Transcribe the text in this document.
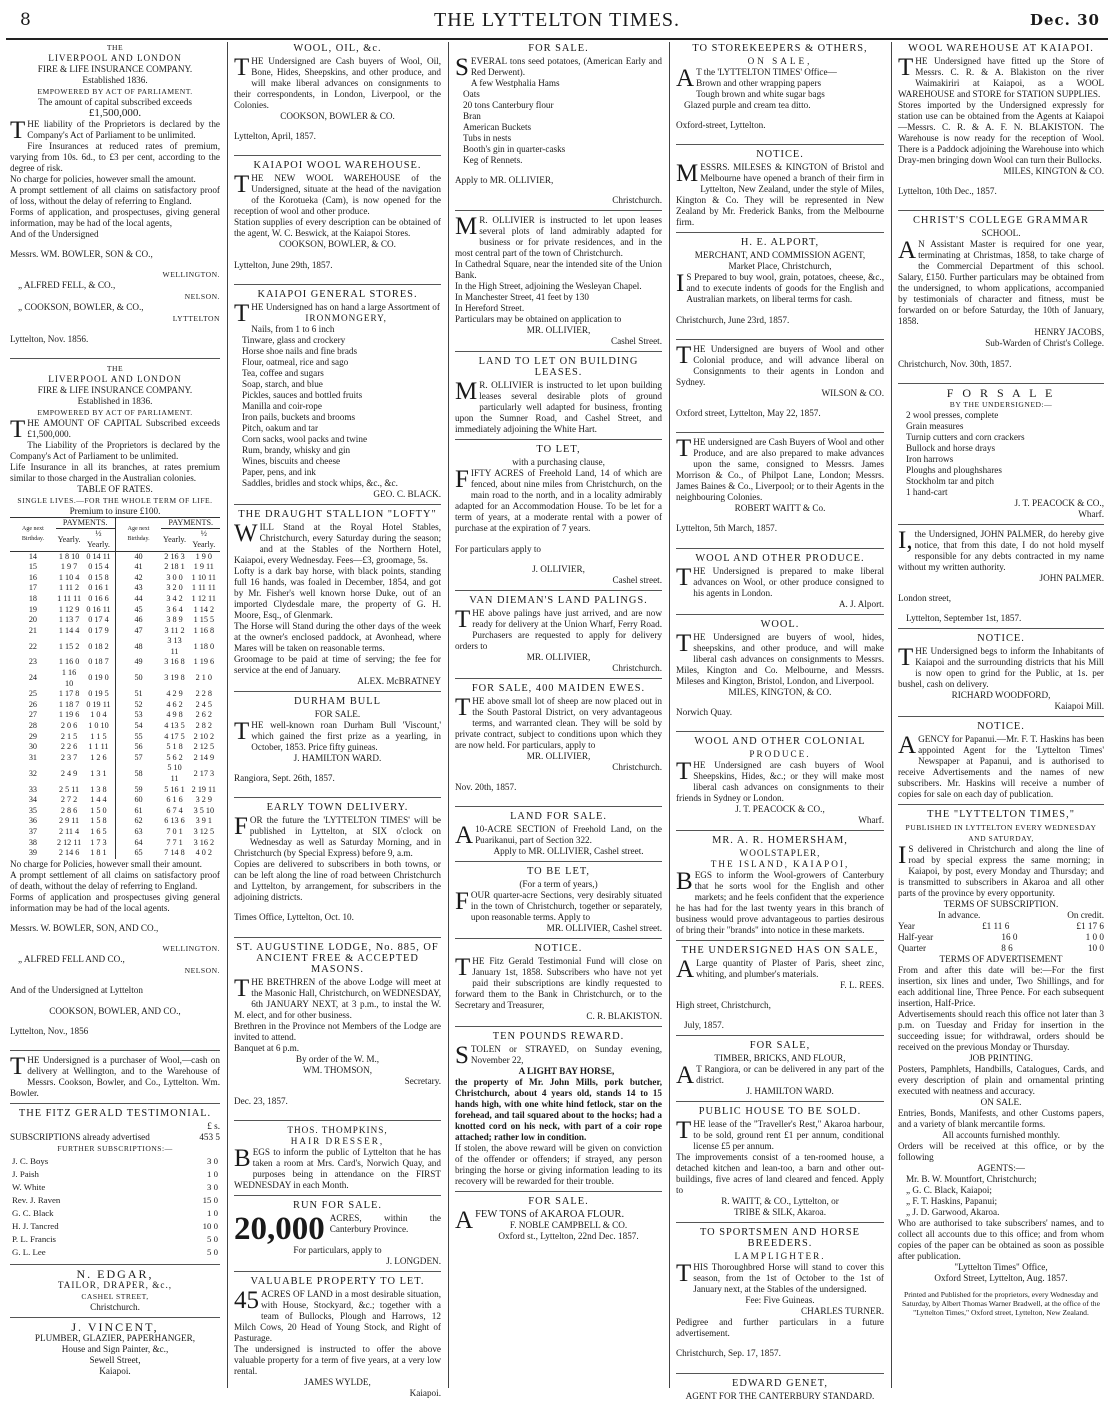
8	THE LYTTELTON TIMES.	Dec. 30

THE

LIVERPOOL AND LONDON

FIRE & LIFE INSURANCE COMPANY.

Established 1836.

EMPOWERED BY ACT OF PARLIAMENT.

The amount of capital subscribed exceeds

£1,500,000.

THE liability of the Proprietors is declared by the Company's Act of Parliament to be unlimited.

Fire Insurances at reduced rates of premium, varying from 10s. 6d., to £3 per cent, according to the degree of risk.

No charge for policies, however small the amount.

A prompt settlement of all claims on satisfactory proof of loss, without the delay of referring to England.

Forms of application, and prospectuses, giving general information, may be had of the local agents,

And of the Undersigned

Messrs. WM. BOWLER, SON & CO.,

WELLINGTON.

„ ALFRED FELL, & CO.,

NELSON.

„ COOKSON, BOWLER, & CO.,

LYTTELTON

Lyttelton, Nov. 1856.

THE

LIVERPOOL AND LONDON

FIRE & LIFE INSURANCE COMPANY.

Established in 1836.

EMPOWERED BY ACT OF PARLIAMENT.

THE AMOUNT OF CAPITAL Subscribed exceeds £1,500,000.

The Liability of the Proprietors is declared by the Company's Act of Parliament to be unlimited.

Life Insurance in all its branches, at rates premium similar to those charged in the Australian colonies.

TABLE OF RATES.

SINGLE LIVES.—FOR THE WHOLE TERM OF LIFE.

Premium to insure £100.

Age next Birthday.	PAYMENTS.		Age next Birthday.	PAYMENTS.	
	Yearly.	½ Yearly.		Yearly.	½ Yearly.
14	1 8 10	0 14 11	40	2 16 3	1 9 0
15	1 9 7	0 15 4	41	2 18 1	1 9 11
16	1 10 4	0 15 8	42	3 0 0	1 10 11
17	1 11 2	0 16 1	43	3 2 0	1 11 11
18	1 11 11	0 16 6	44	3 4 2	1 12 11
19	1 12 9	0 16 11	45	3 6 4	1 14 2
20	1 13 7	0 17 4	46	3 8 9	1 15 5
21	1 14 4	0 17 9	47	3 11 2	1 16 8
22	1 15 2	0 18 2	48	3 13 11	1 18 0
23	1 16 0	0 18 7	49	3 16 8	1 19 6
24	1 16 10	0 19 0	50	3 19 8	2 1 0
25	1 17 8	0 19 5	51	4 2 9	2 2 8
26	1 18 7	0 19 11	52	4 6 2	2 4 5
27	1 19 6	1 0 4	53	4 9 8	2 6 2
28	2 0 6	1 0 10	54	4 13 5	2 8 2
29	2 1 5	1 1 5	55	4 17 5	2 10 2
30	2 2 6	1 1 11	56	5 1 8	2 12 5
31	2 3 7	1 2 6	57	5 6 2	2 14 9
32	2 4 9	1 3 1	58	5 10 11	2 17 3
33	2 5 11	1 3 8	59	5 16 1	2 19 11
34	2 7 2	1 4 4	60	6 1 6	3 2 9
35	2 8 6	1 5 0	61	6 7 4	3 5 10
36	2 9 11	1 5 8	62	6 13 6	3 9 1
37	2 11 4	1 6 5	63	7 0 1	3 12 5
38	2 12 11	1 7 3	64	7 7 1	3 16 2
39	2 14 6	1 8 1	65	7 14 8	4 0 2

No charge for Policies, however small their amount.

A prompt settlement of all claims on satisfactory proof of death, without the delay of referring to England.

Forms of application and prospectuses giving general information may be had of the local agents.

Messrs. W. BOWLER, SON, AND CO.,

WELLINGTON.

„ ALFRED FELL AND CO.,

NELSON.

And of the Undersigned at Lyttelton

COOKSON, BOWLER, AND CO.,

Lyttelton, Nov., 1856

THE Undersigned is a purchaser of Wool,—cash on delivery at Wellington, and to the Warehouse of Messrs. Cookson, Bowler, and Co., Lyttelton. Wm. Bowler.

THE FITZ GERALD TESTIMONIAL.

£ s.

SUBSCRIPTIONS already advertised	453 5

FURTHER SUBSCRIPTIONS:—

J. C. Boys	3 0
J. Paish	1 0
W. White	3 0
Rev. J. Raven	15 0
G. C. Black	1 0
H. J. Tancred	10 0
P. L. Francis	5 0
G. L. Lee	5 0

N. EDGAR,

TAILOR, DRAPER, &c.,

CASHEL STREET,

Christchurch.

J. VINCENT,

PLUMBER, GLAZIER, PAPERHANGER,

House and Sign Painter, &c.,

Sewell Street,

Kaiapoi.

WOOL, OIL, &c.

THE Undersigned are Cash buyers of Wool, Oil, Bone, Hides, Sheepskins, and other produce, and will make liberal advances on consignments to their correspondents, in London, Liverpool, or the Colonies.

COOKSON, BOWLER & CO.

Lyttelton, April, 1857.

KAIAPOI WOOL WAREHOUSE.

THE NEW WOOL WAREHOUSE of the Undersigned, situate at the head of the navigation of the Korotueka (Cam), is now opened for the reception of wool and other produce.

Station supplies of every description can be obtained of the agent, W. C. Beswick, at the Kaiapoi Stores.

COOKSON, BOWLER, & CO.

Lyttelton, June 29th, 1857.

KAIAPOI GENERAL STORES.

THE Undersigned has on hand a large Assortment of

IRONMONGERY,

Nails, from 1 to 6 inch

Tinware, glass and crockery

Horse shoe nails and fine brads

Flour, oatmeal, rice and sago

Tea, coffee and sugars

Soap, starch, and blue

Pickles, sauces and bottled fruits

Manilla and coir-rope

Iron pails, buckets and brooms

Pitch, oakum and tar

Corn sacks, wool packs and twine

Rum, brandy, whisky and gin

Wines, biscuits and cheese

Paper, pens, and ink

Saddles, bridles and stock whips, &c., &c.

GEO. C. BLACK.

THE DRAUGHT STALLION "LOFTY"

WILL Stand at the Royal Hotel Stables, Christchurch, every Saturday during the season; and at the Stables of the Northern Hotel, Kaiapoi, every Wednesday. Fees—£3, groomage, 5s.

Lofty is a dark bay horse, with black points, standing full 16 hands, was foaled in December, 1854, and got by Mr. Fisher's well known horse Duke, out of an imported Clydesdale mare, the property of G. H. Moore, Esq., of Glenmark.

The Horse will Stand during the other days of the week at the owner's enclosed paddock, at Avonhead, where Mares will be taken on reasonable terms.

Groomage to be paid at time of serving; the fee for service at the end of January.

ALEX. McBRATNEY

DURHAM BULL

FOR SALE.

THE well-known roan Durham Bull 'Viscount,' which gained the first prize as a yearling, in October, 1853. Price fifty guineas.

J. HAMILTON WARD.

Rangiora, Sept. 26th, 1857.

EARLY TOWN DELIVERY.

FOR the future the 'LYTTELTON TIMES' will be published in Lyttelton, at SIX o'clock on Wednesday as well as Saturday Morning, and in Christchurch (by Special Express) before 9, a.m.

Copies are delivered to subscribers in both towns, or can be left along the line of road between Christchurch and Lyttelton, by arrangement, for subscribers in the adjoining districts.

Times Office, Lyttelton, Oct. 10.

ST. AUGUSTINE LODGE, No. 885, OF ANCIENT FREE & ACCEPTED MASONS.

THE BRETHREN of the above Lodge will meet at the Masonic Hall, Christchurch, on WEDNESDAY, 6th JANUARY NEXT, at 3 p.m., to instal the W. M. elect, and for other business.

Brethren in the Province not Members of the Lodge are invited to attend.

Banquet at 6 p.m.

By order of the W. M.,

WM. THOMSON,

Secretary.

Dec. 23, 1857.

THOS. THOMPKINS,

HAIR DRESSER,

BEGS to inform the public of Lyttelton that he has taken a room at Mrs. Card's, Norwich Quay, and purposes being in attendance on the FIRST WEDNESDAY in each Month.

RUN FOR SALE.

20,000 ACRES, within the Canterbury Province.

For particulars, apply to

J. LONGDEN.

VALUABLE PROPERTY TO LET.

45 ACRES OF LAND in a most desirable situation, with House, Stockyard, &c.; together with a team of Bullocks, Plough and Harrows, 12 Milch Cows, 20 Head of Young Stock, and Right of Pasturage.

The undersigned is instructed to offer the above valuable property for a term of five years, at a very low rental.

JAMES WYLDE,

Kaiapoi.

FOR SALE.

SEVERAL tons seed potatoes, (American Early and Red Derwent).

A few Westphalia Hams

Oats

20 tons Canterbury flour

Bran

American Buckets

Tubs in nests

Booth's gin in quarter-casks

Keg of Rennets.

Apply to MR. OLLIVIER,

Christchurch.

M R. OLLIVIER is instructed to let upon leases several plots of land admirably adapted for business or for private residences, and in the most central part of the town of Christchurch.

In Cathedral Square, near the intended site of the Union Bank.

In the High Street, adjoining the Wesleyan Chapel.

In Manchester Street, 41 feet by 130

In Hereford Street.

Particulars may be obtained on application to

MR. OLLIVIER,

Cashel Street.

LAND TO LET ON BUILDING LEASES.

M R. OLLIVIER is instructed to let upon building leases several desirable plots of ground particularly well adapted for business, fronting upon the Sumner Road, and Cashel Street, and immediately adjoining the White Hart.

TO LET,

with a purchasing clause,

FIFTY ACRES of Freehold Land, 14 of which are fenced, about nine miles from Christchurch, on the main road to the north, and in a locality admirably adapted for an Accommodation House. To be let for a term of years, at a moderate rental with a power of purchase at the expiration of 7 years.

For particulars apply to

J. OLLIVIER,

Cashel street.

VAN DIEMAN'S LAND PALINGS.

THE above palings have just arrived, and are now ready for delivery at the Union Wharf, Ferry Road. Purchasers are requested to apply for delivery orders to

MR. OLLIVIER,

Christchurch.

FOR SALE, 400 MAIDEN EWES.

THE above small lot of sheep are now placed out in the South Pastoral District, on very advantageous terms, and warranted clean. They will be sold by private contract, subject to conditions upon which they are now held. For particulars, apply to

MR. OLLIVIER,

Christchurch.

Nov. 20th, 1857.

LAND FOR SALE.

A 10-ACRE SECTION of Freehold Land, on the Puarikanui, part of Section 322.

Apply to MR. OLLIVIER, Cashel street.

TO BE LET,

(For a term of years,)

FOUR quarter-acre Sections, very desirably situated in the town of Christchurch, together or separately, upon reasonable terms. Apply to

MR. OLLIVIER, Cashel street.

NOTICE.

THE Fitz Gerald Testimonial Fund will close on January 1st, 1858. Subscribers who have not yet paid their subscriptions are kindly requested to forward them to the Bank in Christchurch, or to the Secretary and Treasurer,

C. R. BLAKISTON.

TEN POUNDS REWARD.

STOLEN or STRAYED, on Sunday evening, November 22,

A LIGHT BAY HORSE,

the property of Mr. John Mills, pork butcher, Christchurch, about 4 years old, stands 14 to 15 hands high, with one white hind fetlock, star on the forehead, and tail squared about to the hocks; had a knotted cord on his neck, with part of a coir rope attached; rather low in condition.

If stolen, the above reward will be given on conviction of the offender or offenders; if strayed, any person bringing the horse or giving information leading to its recovery will be rewarded for their trouble.

FOR SALE.

AFEW TONS of AKAROA FLOUR.

F. NOBLE CAMPBELL & CO.

Oxford st., Lyttelton, 22nd Dec. 1857.

TO STOREKEEPERS & OTHERS,

ON SALE,

A T the 'LYTTELTON TIMES' Office—

Brown and other wrapping papers

Tough brown and white sugar bags

Glazed purple and cream tea ditto.

Oxford-street, Lyttelton.

NOTICE.

MESSRS. MILESES & KINGTON of Bristol and Melbourne have opened a branch of their firm in Lyttelton, New Zealand, under the style of Miles, Kington & Co. They will be represented in New Zealand by Mr. Frederick Banks, from the Melbourne firm.

H. E. ALPORT,

MERCHANT, AND COMMISSION AGENT,

Market Place, Christchurch,

I S Prepared to buy wool, grain, potatoes, cheese, &c., and to execute indents of goods for the English and Australian markets, on liberal terms for cash.

Christchurch, June 23rd, 1857.

THE Undersigned are buyers of Wool and other Colonial produce, and will advance liberal on Consignments to their agents in London and Sydney.

WILSON & CO.

Oxford street, Lyttelton, May 22, 1857.

THE undersigned are Cash Buyers of Wool and other Produce, and are also prepared to make advances upon the same, consigned to Messrs. James Morrison & Co., of Philpot Lane, London; Messrs. James Baines & Co., Liverpool; or to their Agents in the neighbouring Colonies.

ROBERT WAITT & Co.

Lyttelton, 5th March, 1857.

WOOL AND OTHER PRODUCE.

THE Undersigned is prepared to make liberal advances on Wool, or other produce consigned to his agents in London.

A. J. Alport.

WOOL.

THE Undersigned are buyers of wool, hides, sheepskins, and other produce, and will make liberal cash advances on consignments to Messrs. Miles, Kington and Co. Melbourne, and Messrs. Mileses and Kington, Bristol, London, and Liverpool.

MILES, KINGTON, & CO.

Norwich Quay.

WOOL AND OTHER COLONIAL

PRODUCE.

THE Undersigned are cash buyers of Wool Sheepskins, Hides, &c.; or they will make most liberal cash advances on consignments to their friends in Sydney or London.

J. T. PEACOCK & CO.,

Wharf.

MR. A. R. HOMERSHAM,

WOOLSTAPLER,

THE ISLAND, KAIAPOI,

BEGS to inform the Wool-growers of Canterbury that he sorts wool for the English and other markets; and he feels confident that the experience he has had for the last twenty years in this branch of business would prove advantageous to parties desirous of bring their "brands" into notice in these markets.

THE UNDERSIGNED HAS ON SALE,

A Large quantity of Plaster of Paris, sheet zinc, whiting, and plumber's materials.

F. L. REES.

High street, Christchurch,

July, 1857.

FOR SALE,

TIMBER, BRICKS, AND FLOUR,

A T Rangiora, or can be delivered in any part of the district.

J. HAMILTON WARD.

PUBLIC HOUSE TO BE SOLD.

THE lease of the "Traveller's Rest," Akaroa harbour, to be sold, ground rent £1 per annum, conditional license £5 per annum.

The improvements consist of a ten-roomed house, a detached kitchen and lean-too, a barn and other out-buildings, five acres of land cleared and fenced. Apply to

R. WAITT, & CO., Lyttelton, or

TRIBE & SILK, Akaroa.

TO SPORTSMEN AND HORSE BREEDERS.

LAMPLIGHTER.

THIS Thoroughbred Horse will stand to cover this season, from the 1st of October to the 1st of January next, at the Stables of the undersigned.

Fee: Five Guineas.

CHARLES TURNER.

Pedigree and further particulars in a future advertisement.

Christchurch, Sep. 17, 1857.

EDWARD GENET,

AGENT FOR THE CANTERBURY STANDARD.

WOOL WAREHOUSE AT KAIAPOI.

THE Undersigned have fitted up the Store of Messrs. C. R. & A. Blakiston on the river Waimakiriri at Kaiapoi, as a WOOL WAREHOUSE and STORE for STATION SUPPLIES.

Stores imported by the Undersigned expressly for station use can be obtained from the Agents at Kaiapoi—Messrs. C. R. & A. F. N. BLAKISTON. The Warehouse is now ready for the reception of Wool. There is a Paddock adjoining the Warehouse into which Dray-men bringing down Wool can turn their Bullocks.

MILES, KINGTON & CO.

Lyttelton, 10th Dec., 1857.

CHRIST'S COLLEGE GRAMMAR

SCHOOL.

A N Assistant Master is required for one year, terminating at Christmas, 1858, to take charge of the Commercial Department of this school. Salary, £150. Further particulars may be obtained from the undersigned, to whom applications, accompanied by testimonials of character and fitness, must be forwarded on or before Saturday, the 10th of January, 1858.

HENRY JACOBS,

Sub-Warden of Christ's College.

Christchurch, Nov. 30th, 1857.

F O R S A L E

BY THE UNDERSIGNED:—

2 wool presses, complete

Grain measures

Turnip cutters and corn crackers

Bullock and horse drays

Iron harrows

Ploughs and ploughshares

Stockholm tar and pitch

1 hand-cart

J. T. PEACOCK & CO.,

Wharf.

I, the Undersigned, JOHN PALMER, do hereby give notice, that from this date, I do not hold myself responsible for any debts contracted in my name without my written authority.

JOHN PALMER.

London street,

Lyttelton, September 1st, 1857.

NOTICE.

THE Undersigned begs to inform the Inhabitants of Kaiapoi and the surrounding districts that his Mill is now open to grind for the Public, at 1s. per bushel, cash on delivery.

RICHARD WOODFORD,

Kaiapoi Mill.

NOTICE.

AGENCY for Papanui.—Mr. F. T. Haskins has been appointed Agent for the 'Lyttelton Times' Newspaper at Papanui, and is authorised to receive Advertisements and the names of new subscribers. Mr. Haskins will receive a number of copies for sale on each day of publication.

THE "LYTTELTON TIMES,"

PUBLISHED IN LYTTELTON EVERY WEDNESDAY AND SATURDAY,

I S delivered in Christchurch and along the line of road by special express the same morning; in Kaiapoi, by post, every Monday and Thursday; and is transmitted to subscribers in Akaroa and all other parts of the province by every opportunity.

TERMS OF SUBSCRIPTION.

In advance.	On credit.
Year	£1 11 6	£1 17 6
Half-year	16 0	1 0 0
Quarter	8 6	10 0

TERMS OF ADVERTISEMENT

From and after this date will be:—For the first insertion, six lines and under, Two Shillings, and for each additional line, Three Pence. For each subsequent insertion, Half-Price.

Advertisements should reach this office not later than 3 p.m. on Tuesday and Friday for insertion in the succeeding issue; for withdrawal, orders should be received on the previous Monday or Thursday.

JOB PRINTING.

Posters, Pamphlets, Handbills, Catalogues, Cards, and every description of plain and ornamental printing executed with neatness and accuracy.

ON SALE.

Entries, Bonds, Manifests, and other Customs papers, and a variety of blank mercantile forms.

All accounts furnished monthly.

Orders will be received at this office, or by the following

AGENTS:—

Mr. B. W. Mountfort, Christchurch;

„ G. C. Black, Kaiapoi;

„ F. T. Haskins, Papanui;

„ J. D. Garwood, Akaroa.

Who are authorised to take subscribers' names, and to collect all accounts due to this office; and from whom copies of the paper can be obtained as soon as possible after publication.

"Lyttelton Times" Office,

Oxford Street, Lyttelton, Aug. 1857.

Printed and Published for the proprietors, every Wednesday and Saturday, by Albert Thomas Warner Bradwell, at the office of the "Lyttelton Times," Oxford street, Lyttelton, New Zealand.
